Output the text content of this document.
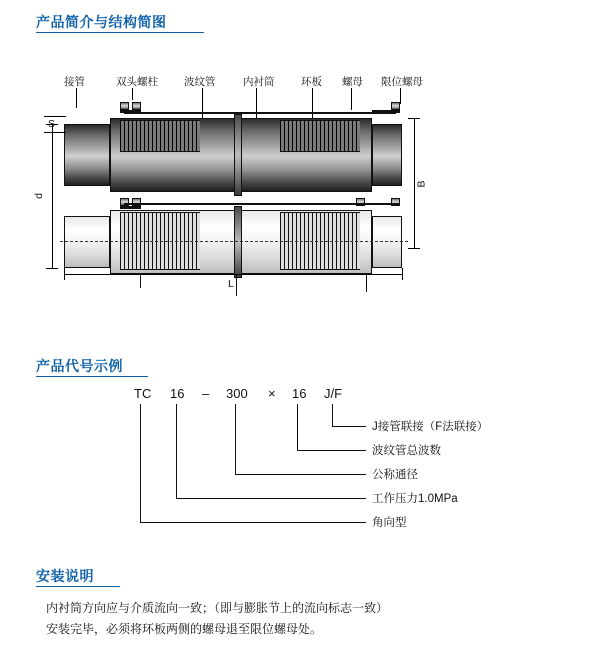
产品简介与结构简图
接管	双头螺柱 波纹管	内衬筒	环板 螺母 限位螺母
d
B
L
产品代号示例
TC 16 – 300 × 16 J/F
J接管联接（F法联接）
波纹管总波数
公称通径
工作压力1.0MPa
角向型
安装说明
内衬筒方向应与介质流向一致；（即与膨胀节上的流向标志一致）
安装完毕，必须将环板两侧的螺母退至限位螺母处。
